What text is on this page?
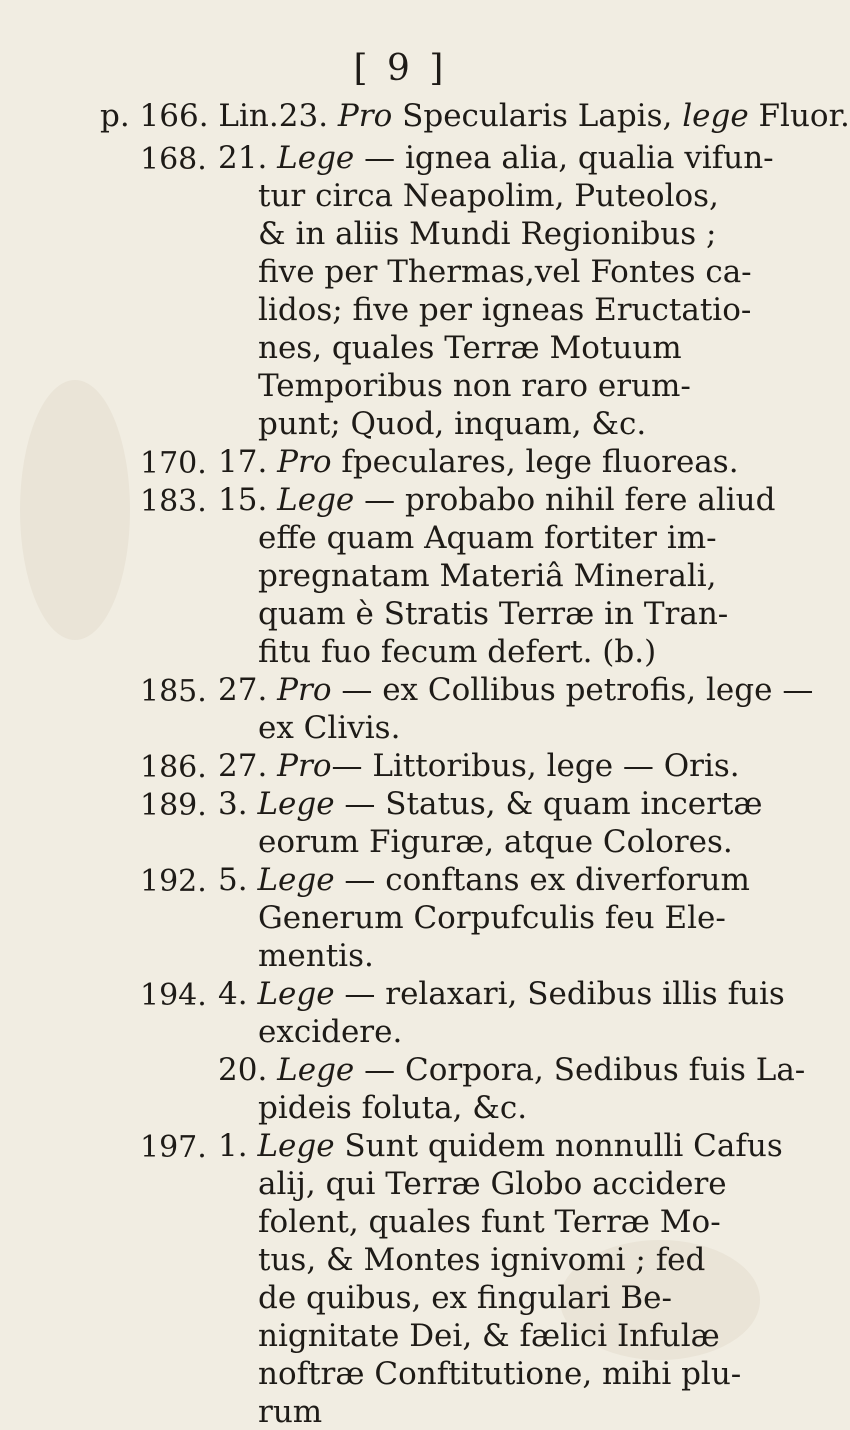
[ 9 ]
p. 166. Lin.23. Pro Specularis Lapis, lege Fluor.
168. 21. Lege — ignea alia, qualia vifun-
tur circa Neapolim, Puteolos,
& in aliis Mundi Regionibus ;
five per Thermas,vel Fontes ca-
lidos; five per igneas Eructatio-
nes, quales Terræ Motuum
Temporibus non raro erum-
punt; Quod, inquam, &c.
170. 17. Pro fpeculares, lege fluoreas.
183. 15. Lege — probabo nihil fere aliud
effe quam Aquam fortiter im-
pregnatam Materiâ Minerali,
quam è Stratis Terræ in Tran-
fitu fuo fecum defert. (b.)
185. 27. Pro — ex Collibus petrofis, lege —
ex Clivis.
186. 27. Pro— Littoribus, lege — Oris.
189. 3. Lege — Status, & quam incertæ
eorum Figuræ, atque Colores.
192. 5. Lege — conftans ex diverforum
Generum Corpufculis feu Ele-
mentis.
194. 4. Lege — relaxari, Sedibus illis fuis
excidere.
20. Lege — Corpora, Sedibus fuis La-
pideis foluta, &c.
197. 1. Lege Sunt quidem nonnulli Cafus
alij, qui Terræ Globo accidere
folent, quales funt Terræ Mo-
tus, & Montes ignivomi ; fed
de quibus, ex fingulari Be-
nignitate Dei, & fælici Infulæ
noftræ Conftitutione, mihi plu-
rum
